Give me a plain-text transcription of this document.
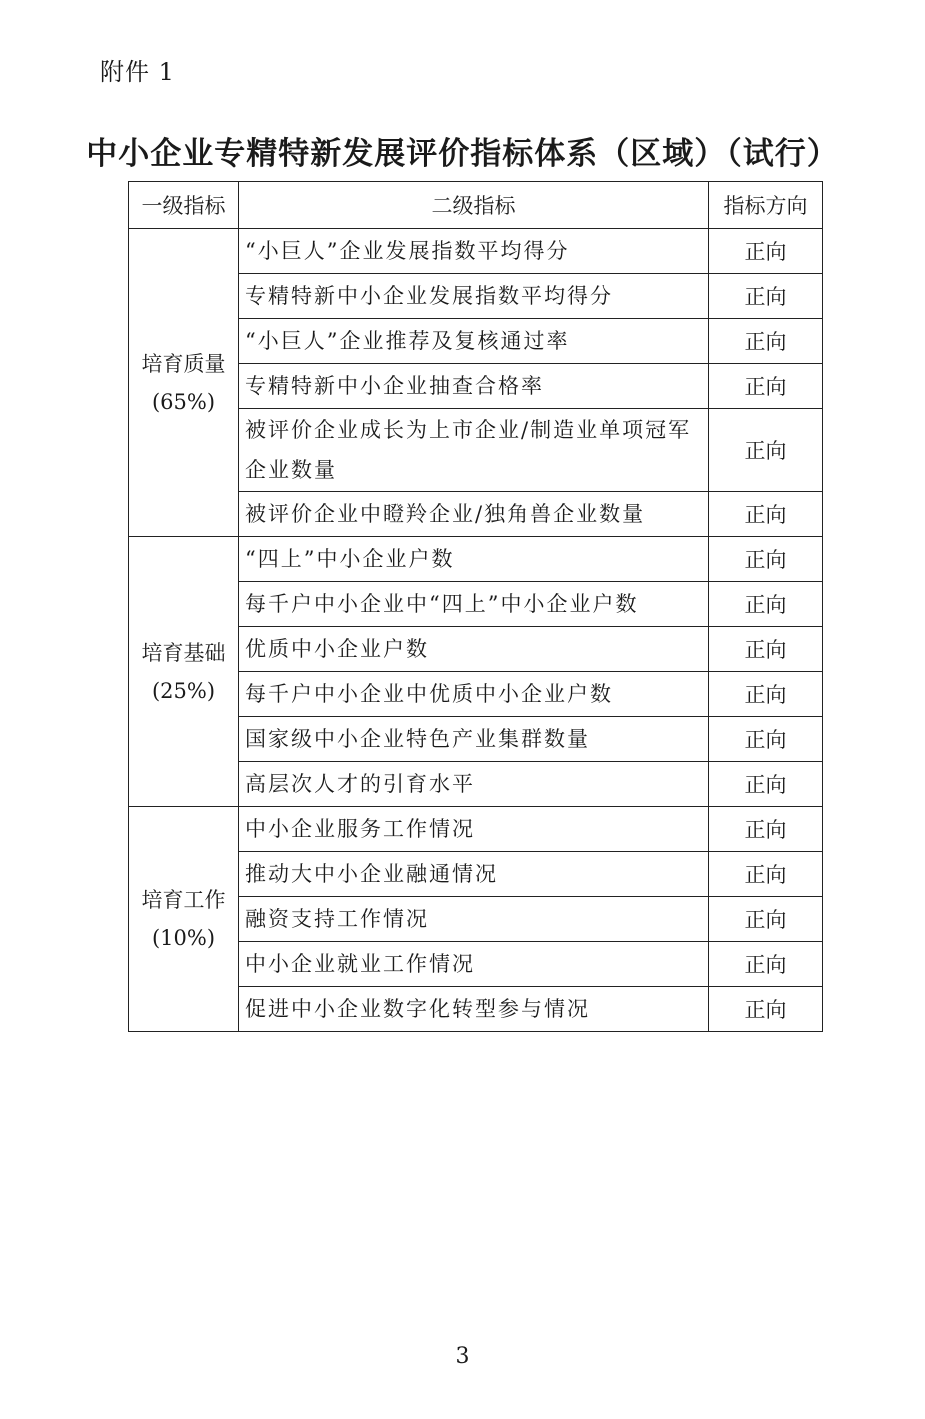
附件 1
中小企业专精特新发展评价指标体系（区域）（试行）
一级指标	二级指标	指标方向

培育质量
(65%)	“小巨人”企业发展指数平均得分	正向
	专精特新中小企业发展指数平均得分	正向
	“小巨人”企业推荐及复核通过率	正向
	专精特新中小企业抽查合格率	正向
	被评价企业成长为上市企业/制造业单项冠军企业数量	正向
	被评价企业中瞪羚企业/独角兽企业数量	正向

培育基础
(25%)	“四上”中小企业户数	正向
	每千户中小企业中“四上”中小企业户数	正向
	优质中小企业户数	正向
	每千户中小企业中优质中小企业户数	正向
	国家级中小企业特色产业集群数量	正向
	高层次人才的引育水平	正向

培育工作
(10%)	中小企业服务工作情况	正向
	推动大中小企业融通情况	正向
	融资支持工作情况	正向
	中小企业就业工作情况	正向
	促进中小企业数字化转型参与情况	正向
3
